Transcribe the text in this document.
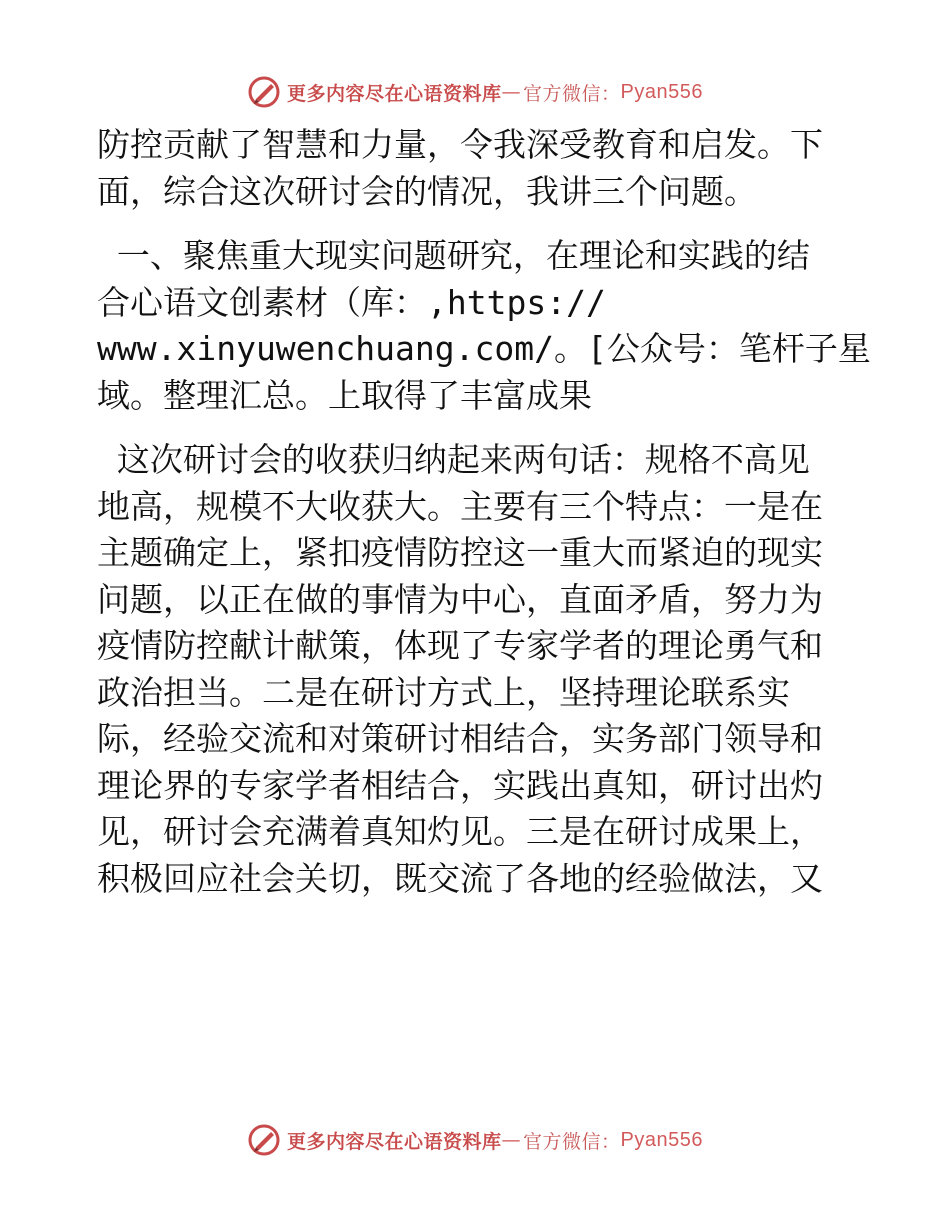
更多内容尽在心语资料库 — 官方微信： Pyan556
防控贡献了智慧和力量，令我深受教育和启发。下
面，综合这次研讨会的情况，我讲三个问题。
一、聚焦重大现实问题研究，在理论和实践的结
合心语文创素材（库：,https://
www.xinyuwenchuang.com/。[公众号：笔杆子星
域。整理汇总。上取得了丰富成果
这次研讨会的收获归纳起来两句话：规格不高见
地高，规模不大收获大。主要有三个特点：一是在
主题确定上，紧扣疫情防控这一重大而紧迫的现实
问题，以正在做的事情为中心，直面矛盾，努力为
疫情防控献计献策，体现了专家学者的理论勇气和
政治担当。二是在研讨方式上，坚持理论联系实
际，经验交流和对策研讨相结合，实务部门领导和
理论界的专家学者相结合，实践出真知，研讨出灼
见，研讨会充满着真知灼见。三是在研讨成果上，
积极回应社会关切，既交流了各地的经验做法，又
更多内容尽在心语资料库 — 官方微信： Pyan556
